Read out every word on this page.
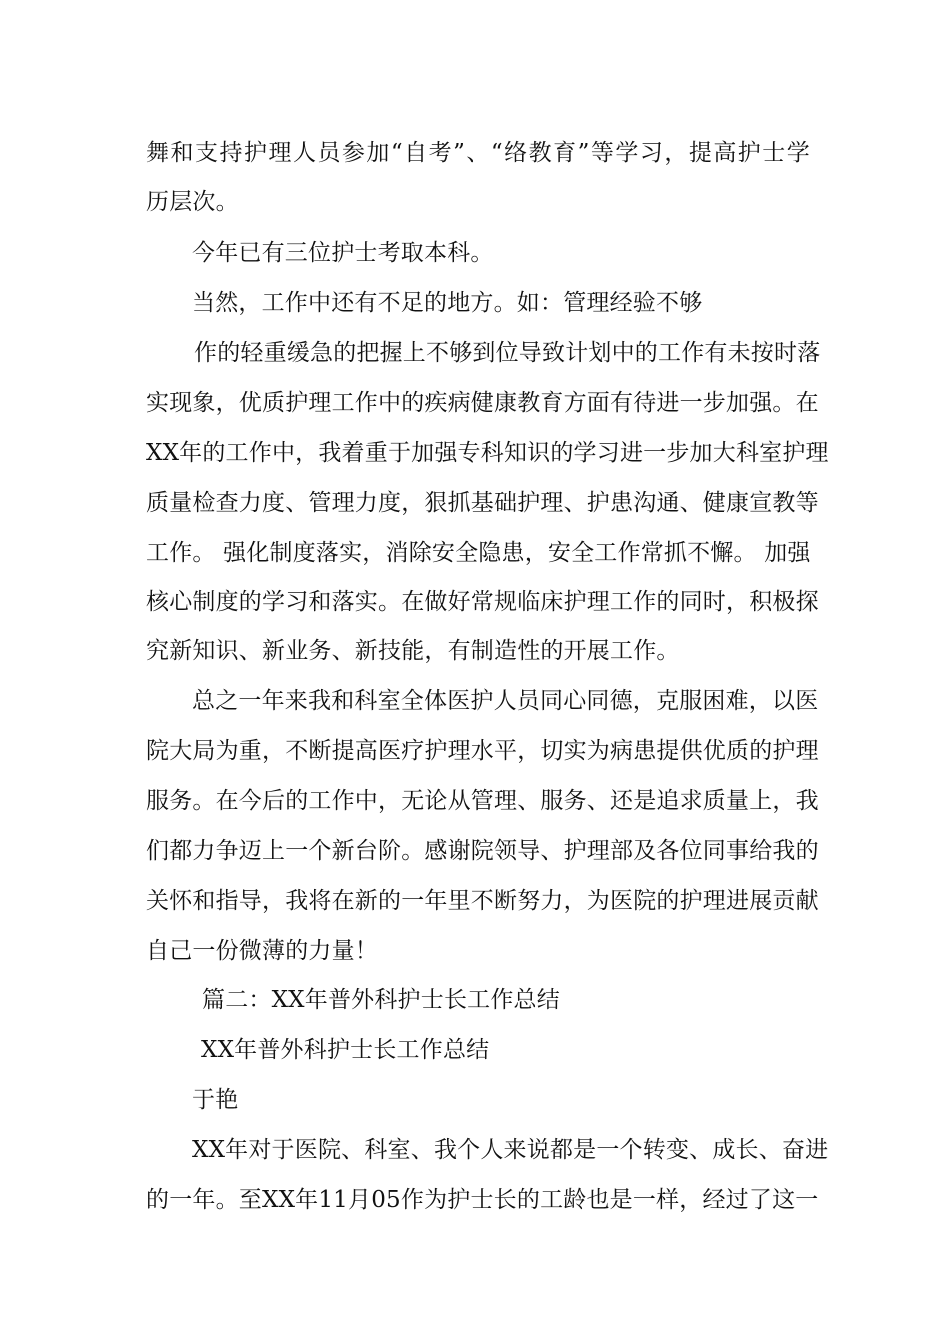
舞和支持护理人员参加“自考”、“络教育”等学习，提高护士学
历层次。
今年已有三位护士考取本科。
当然，工作中还有不足的地方。如：管理经验不够
作的轻重缓急的把握上不够到位导致计划中的工作有未按时落
实现象，优质护理工作中的疾病健康教育方面有待进一步加强。在
XX年的工作中，我着重于加强专科知识的学习进一步加大科室护理
质量检查力度、管理力度，狠抓基础护理、护患沟通、健康宣教等
工作。 强化制度落实，消除安全隐患，安全工作常抓不懈。 加强
核心制度的学习和落实。在做好常规临床护理工作的同时，积极探
究新知识、新业务、新技能，有制造性的开展工作。
总之一年来我和科室全体医护人员同心同德，克服困难，以医
院大局为重，不断提高医疗护理水平，切实为病患提供优质的护理
服务。在今后的工作中，无论从管理、服务、还是追求质量上，我
们都力争迈上一个新台阶。感谢院领导、护理部及各位同事给我的
关怀和指导，我将在新的一年里不断努力，为医院的护理进展贡献
自己一份微薄的力量！
篇二：XX年普外科护士长工作总结
XX年普外科护士长工作总结
于艳
XX年对于医院、科室、我个人来说都是一个转变、成长、奋进
的一年。至XX年11月05作为护士长的工龄也是一样，经过了这一
